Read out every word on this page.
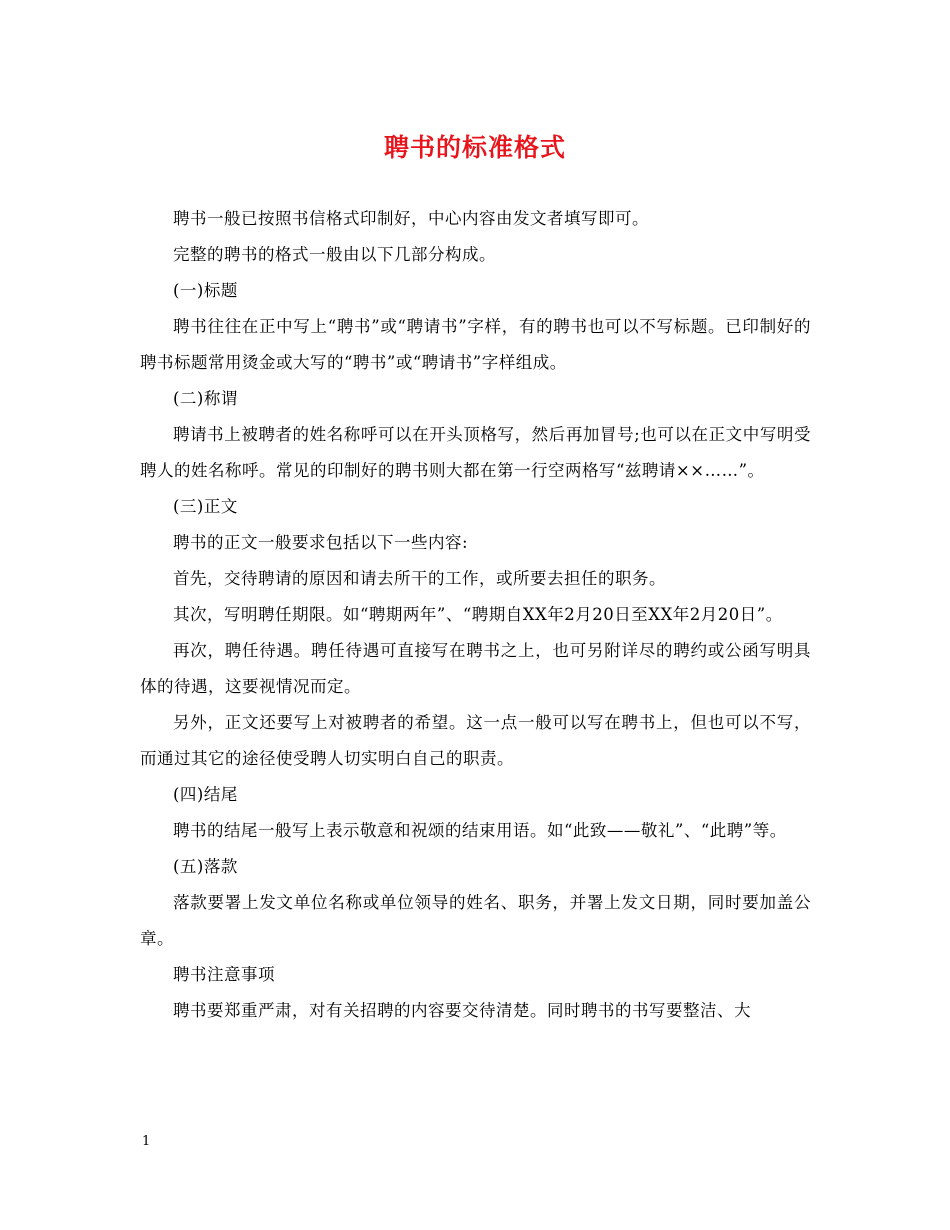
聘书的标准格式

聘书一般已按照书信格式印制好，中心内容由发文者填写即可。

完整的聘书的格式一般由以下几部分构成。

(一)标题

聘书往往在正中写上“聘书”或“聘请书”字样，有的聘书也可以不写标题。已印制好的聘书标题常用烫金或大写的“聘书”或“聘请书”字样组成。

(二)称谓

聘请书上被聘者的姓名称呼可以在开头顶格写，然后再加冒号;也可以在正文中写明受聘人的姓名称呼。常见的印制好的聘书则大都在第一行空两格写“兹聘请××……”。

(三)正文

聘书的正文一般要求包括以下一些内容:

首先，交待聘请的原因和请去所干的工作，或所要去担任的职务。

其次，写明聘任期限。如“聘期两年”、“聘期自XX年2月20日至XX年2月20日”。

再次，聘任待遇。聘任待遇可直接写在聘书之上，也可另附详尽的聘约或公函写明具体的待遇，这要视情况而定。

另外，正文还要写上对被聘者的希望。这一点一般可以写在聘书上，但也可以不写，而通过其它的途径使受聘人切实明白自己的职责。

(四)结尾

聘书的结尾一般写上表示敬意和祝颂的结束用语。如“此致——敬礼”、“此聘”等。

(五)落款

落款要署上发文单位名称或单位领导的姓名、职务，并署上发文日期，同时要加盖公章。

聘书注意事项

聘书要郑重严肃，对有关招聘的内容要交待清楚。同时聘书的书写要整洁、大

1
